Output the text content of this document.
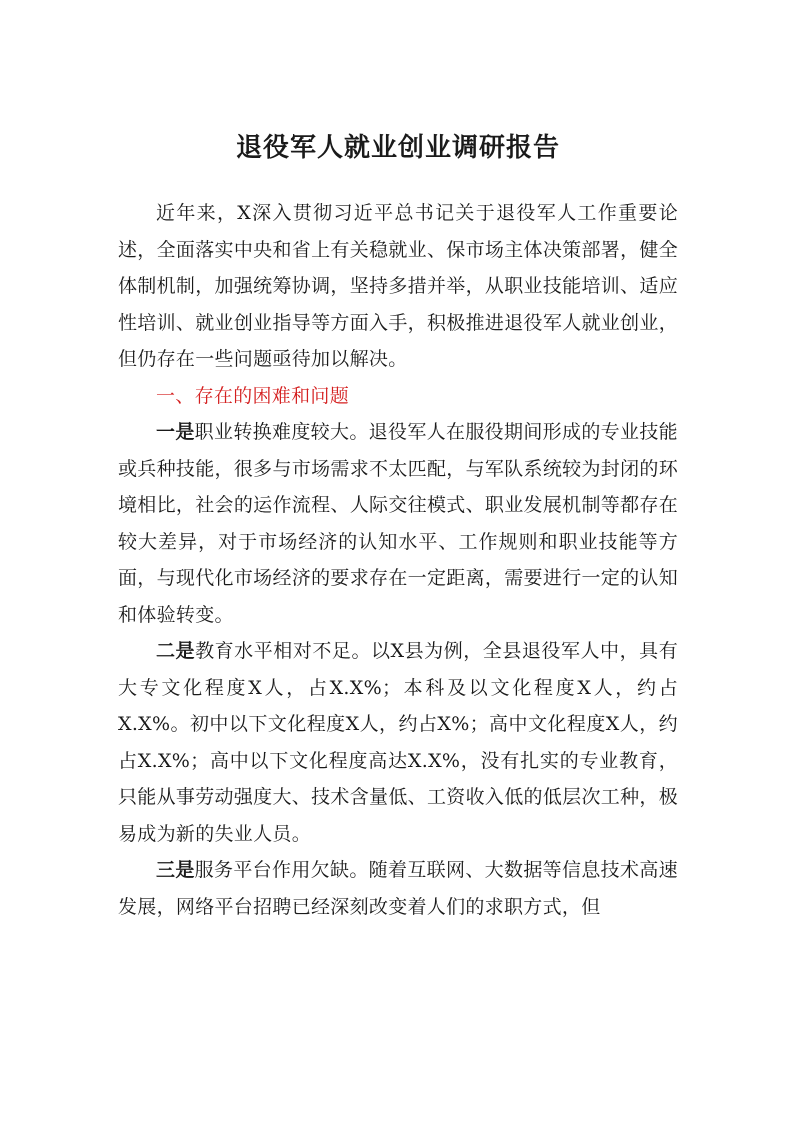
退役军人就业创业调研报告

近年来，X深入贯彻习近平总书记关于退役军人工作重要论述，全面落实中央和省上有关稳就业、保市场主体决策部署，健全体制机制，加强统筹协调，坚持多措并举，从职业技能培训、适应性培训、就业创业指导等方面入手，积极推进退役军人就业创业，但仍存在一些问题亟待加以解决。

一、存在的困难和问题

一是职业转换难度较大。退役军人在服役期间形成的专业技能或兵种技能，很多与市场需求不太匹配，与军队系统较为封闭的环境相比，社会的运作流程、人际交往模式、职业发展机制等都存在较大差异，对于市场经济的认知水平、工作规则和职业技能等方面，与现代化市场经济的要求存在一定距离，需要进行一定的认知和体验转变。

二是教育水平相对不足。以X县为例，全县退役军人中，具有大专文化程度X人，占X.X%；本科及以文化程度X人，约占X.X%。初中以下文化程度X人，约占X%；高中文化程度X人，约占X.X%；高中以下文化程度高达X.X%，没有扎实的专业教育，只能从事劳动强度大、技术含量低、工资收入低的低层次工种，极易成为新的失业人员。

三是服务平台作用欠缺。随着互联网、大数据等信息技术高速发展，网络平台招聘已经深刻改变着人们的求职方式，但
